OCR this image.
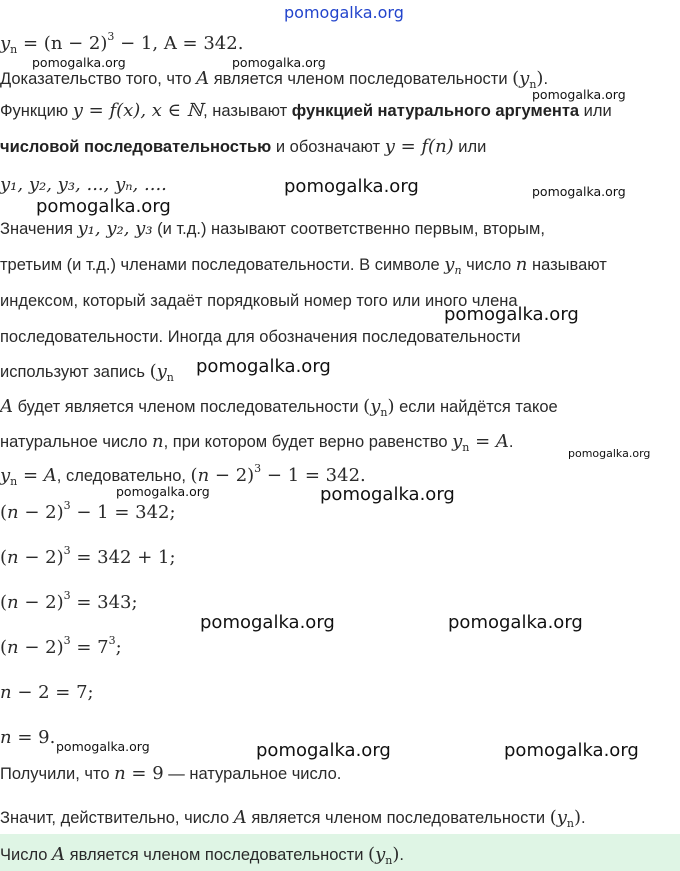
pomogalka.org
pomogalka.org	pomogalka.org
pomogalka.org
pomogalka.org	pomogalka.org
pomogalka.org
pomogalka.org
pomogalka.org
pomogalka.org
pomogalka.org	pomogalka.org
pomogalka.org	pomogalka.org
pomogalka.org	pomogalka.org	pomogalka.org
$y_n = (n - 2)^3 - 1$, A = 342.
Доказательство того, что A является членом последовательности $(y_n)$.
Функцию y = f(x), x ∈ ℕ, называют функцией натурального аргумента или
числовой последовательностью и обозначают y = f(n) или
y₁, y₂, y₃, ..., yₙ, ....
Значения y₁, y₂, y₃ (и т.д.) называют соответственно первым, вторым,
третьим (и т.д.) членами последовательности. В символе $y_n$ число n называют
индексом, который задаёт порядковый номер того или иного члена
последовательности. Иногда для обозначения последовательности
используют запись ($y_n$
A будет является членом последовательности $(y_n)$ если найдётся такое
натуральное число n, при котором будет верно равенство $y_n = A$.
$y_n = A$, следовательно, $(n - 2)^3 - 1 = 342$.
$(n - 2)^3 - 1 = 342$;
$(n - 2)^3 = 342 + 1$;
$(n - 2)^3 = 343$;
$(n - 2)^3 = 7^3$;
n − 2 = 7;
n = 9.
Получили, что n = 9 — натуральное число.
Значит, действительно, число A является членом последовательности $(y_n)$.
Число A является членом последовательности $(y_n)$.
